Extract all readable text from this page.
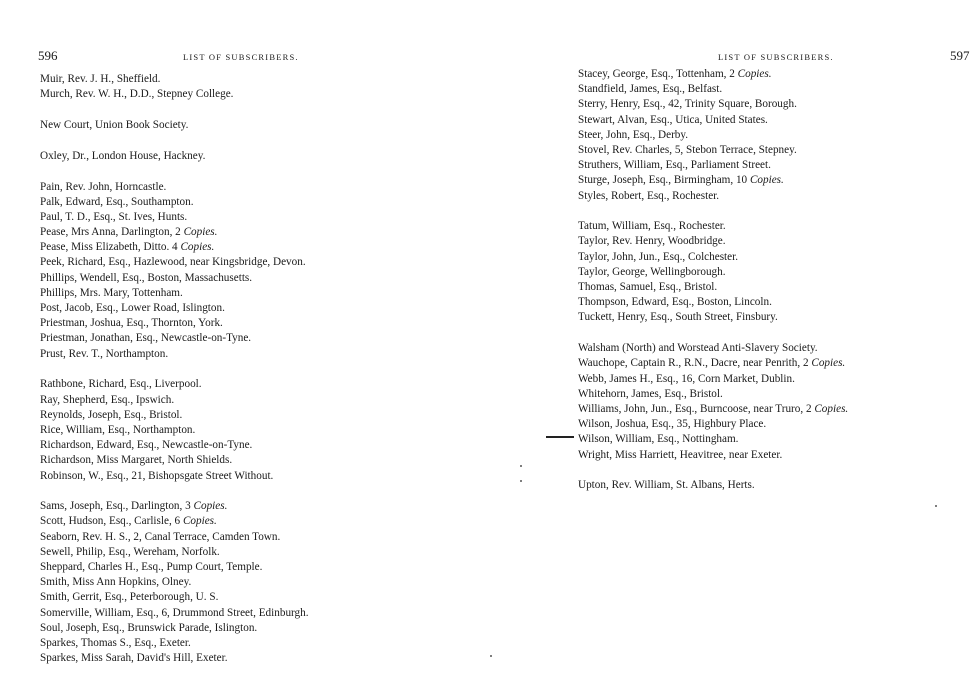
596	LIST OF SUBSCRIBERS.
Muir, Rev. J. H., Sheffield.
Murch, Rev. W. H., D.D., Stepney College.
New Court, Union Book Society.
Oxley, Dr., London House, Hackney.
Pain, Rev. John, Horncastle.
Palk, Edward, Esq., Southampton.
Paul, T. D., Esq., St. Ives, Hunts.
Pease, Mrs Anna, Darlington, 2 Copies.
Pease, Miss Elizabeth, Ditto. 4 Copies.
Peek, Richard, Esq., Hazlewood, near Kingsbridge, Devon.
Phillips, Wendell, Esq., Boston, Massachusetts.
Phillips, Mrs. Mary, Tottenham.
Post, Jacob, Esq., Lower Road, Islington.
Priestman, Joshua, Esq., Thornton, York.
Priestman, Jonathan, Esq., Newcastle-on-Tyne.
Prust, Rev. T., Northampton.
Rathbone, Richard, Esq., Liverpool.
Ray, Shepherd, Esq., Ipswich.
Reynolds, Joseph, Esq., Bristol.
Rice, William, Esq., Northampton.
Richardson, Edward, Esq., Newcastle-on-Tyne.
Richardson, Miss Margaret, North Shields.
Robinson, W., Esq., 21, Bishopsgate Street Without.
Sams, Joseph, Esq., Darlington, 3 Copies.
Scott, Hudson, Esq., Carlisle, 6 Copies.
Seaborn, Rev. H. S., 2, Canal Terrace, Camden Town.
Sewell, Philip, Esq., Wereham, Norfolk.
Sheppard, Charles H., Esq., Pump Court, Temple.
Smith, Miss Ann Hopkins, Olney.
Smith, Gerrit, Esq., Peterborough, U. S.
Somerville, William, Esq., 6, Drummond Street, Edinburgh.
Soul, Joseph, Esq., Brunswick Parade, Islington.
Sparkes, Thomas S., Esq., Exeter.
Sparkes, Miss Sarah, David's Hill, Exeter.
LIST OF SUBSCRIBERS.	597
Stacey, George, Esq., Tottenham, 2 Copies.
Standfield, James, Esq., Belfast.
Sterry, Henry, Esq., 42, Trinity Square, Borough.
Stewart, Alvan, Esq., Utica, United States.
Steer, John, Esq., Derby.
Stovel, Rev. Charles, 5, Stebon Terrace, Stepney.
Struthers, William, Esq., Parliament Street.
Sturge, Joseph, Esq., Birmingham, 10 Copies.
Styles, Robert, Esq., Rochester.
Tatum, William, Esq., Rochester.
Taylor, Rev. Henry, Woodbridge.
Taylor, John, Jun., Esq., Colchester.
Taylor, George, Wellingborough.
Thomas, Samuel, Esq., Bristol.
Thompson, Edward, Esq., Boston, Lincoln.
Tuckett, Henry, Esq., South Street, Finsbury.
Walsham (North) and Worstead Anti-Slavery Society.
Wauchope, Captain R., R.N., Dacre, near Penrith, 2 Copies.
Webb, James H., Esq., 16, Corn Market, Dublin.
Whitehorn, James, Esq., Bristol.
Williams, John, Jun., Esq., Burncoose, near Truro, 2 Copies.
Wilson, Joshua, Esq., 35, Highbury Place.
Wilson, William, Esq., Nottingham.
Wright, Miss Harriett, Heavitree, near Exeter.
Upton, Rev. William, St. Albans, Herts.
